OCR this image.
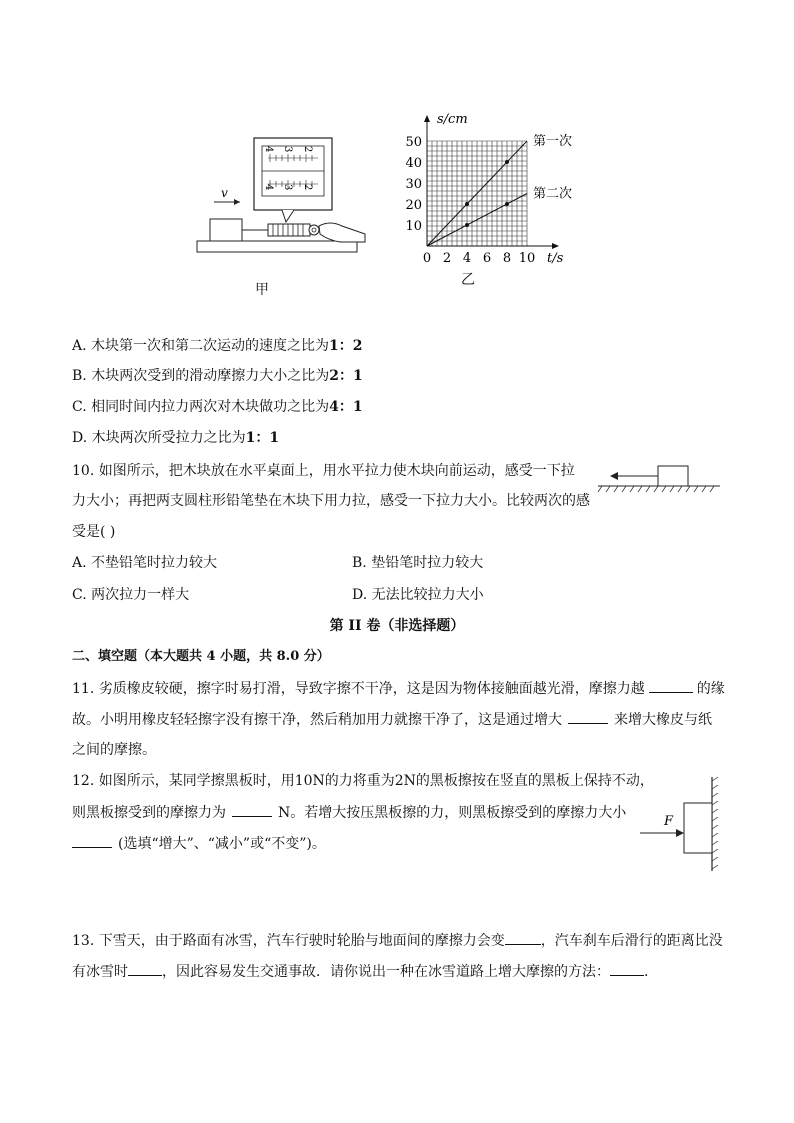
v
4 3 2
4 3 2
甲
0 2 4 6 8 10
10
20
30
40
50
t/s
s/cm
第一次
第二次
乙
A. 木块第一次和第二次运动的速度之比为1：2
B. 木块两次受到的滑动摩擦力大小之比为2：1
C. 相同时间内拉力两次对木块做功之比为4：1
D. 木块两次所受拉力之比为1：1
10. 如图所示，把木块放在水平桌面上，用水平拉力使木块向前运动，感受一下拉
力大小；再把两支圆柱形铅笔垫在木块下用力拉，感受一下拉力大小。比较两次的感
受是( )
A. 不垫铅笔时拉力较大	B. 垫铅笔时拉力较大
C. 两次拉力一样大	D. 无法比较拉力大小
第 II 卷（非选择题）
二、填空题（本大题共 4 小题，共 8.0 分）
11. 劣质橡皮较硬，擦字时易打滑，导致字擦不干净，这是因为物体接触面越光滑，摩擦力越	的缘
故。小明用橡皮轻轻擦字没有擦干净，然后稍加用力就擦干净了，这是通过增大	来增大橡皮与纸
之间的摩擦。
12. 如图所示，某同学擦黑板时，用10N的力将重为2N的黑板擦按在竖直的黑板上保持不动，
则黑板擦受到的摩擦力为	N。若增大按压黑板擦的力，则黑板擦受到的摩擦力大小
(选填“增大”、“减小”或“不变”)。
F
13. 下雪天，由于路面有冰雪，汽车行驶时轮胎与地面间的摩擦力会变	，汽车刹车后滑行的距离比没
有冰雪时 ，因此容易发生交通事故．请你说出一种在冰雪道路上增大摩擦的方法： .
